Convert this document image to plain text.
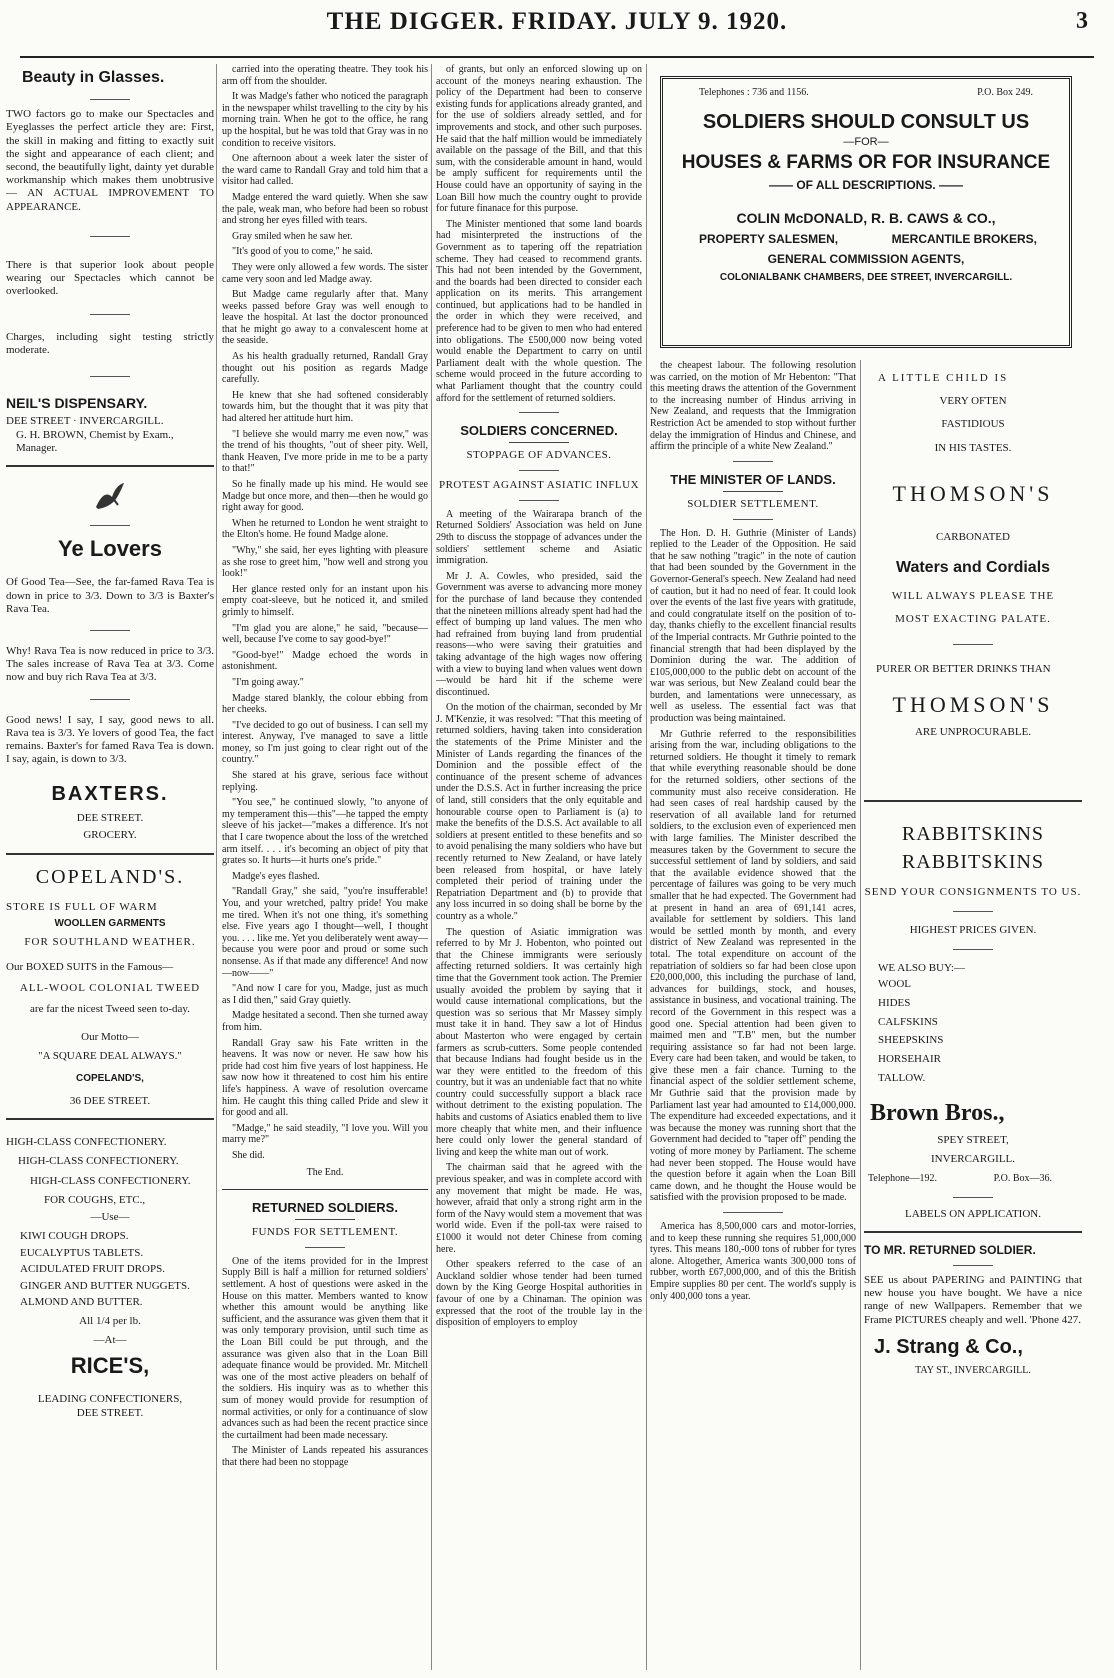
THE DIGGER. FRIDAY. JULY 9. 1920.	3
Beauty in Glasses.

TWO factors go to make our Spectacles and Eyeglasses the perfect article they are: First, the skill in making and fitting to exactly suit the sight and appearance of each client; and second, the beautifully light, dainty yet durable workmanship which makes them unobtrusive — AN ACTUAL IMPROVEMENT TO APPEARANCE.

There is that superior look about people wearing our Spectacles which cannot be overlooked.

Charges, including sight testing strictly moderate.

NEIL'S DISPENSARY.
DEE STREET · INVERCARGILL.
G. H. BROWN, Chemist by Exam., Manager.
Ye Lovers

Of Good Tea—See, the far-famed Rava Tea is down in price to 3/3. Down to 3/3 is Baxter's Rava Tea.

Why! Rava Tea is now reduced in price to 3/3. The sales increase of Rava Tea at 3/3. Come now and buy rich Rava Tea at 3/3.

Good news! I say, I say, good news to all. Rava tea is 3/3. Ye lovers of good Tea, the fact remains. Baxter's for famed Rava Tea is down. I say, again, is down to 3/3.

BAXTERS.
DEE STREET.
GROCERY.
COPELAND'S.
STORE IS FULL OF WARM
WOOLLEN GARMENTS
FOR SOUTHLAND WEATHER.
Our BOXED SUITS in the Famous—
ALL-WOOL COLONIAL TWEED
are far the nicest Tweed seen to-day.
Our Motto—
"A SQUARE DEAL ALWAYS."
COPELAND'S,
36 DEE STREET.
HIGH-CLASS CONFECTIONERY.
HIGH-CLASS CONFECTIONERY.
HIGH-CLASS CONFECTIONERY.
FOR COUGHS, ETC.,
—Use—
KIWI COUGH DROPS.
EUCALYPTUS TABLETS.
ACIDULATED FRUIT DROPS.
GINGER AND BUTTER NUGGETS.
ALMOND AND BUTTER.
All 1/4 per lb.
—At—
RICE'S,
LEADING CONFECTIONERS,
DEE STREET.

carried into the operating theatre. They took his arm off from the shoulder.

It was Madge's father who noticed the paragraph in the newspaper whilst travelling to the city by his morning train. When he got to the office, he rang up the hospital, but he was told that Gray was in no condition to receive visitors.

One afternoon about a week later the sister of the ward came to Randall Gray and told him that a visitor had called.

Madge entered the ward quietly. When she saw the pale, weak man, who before had been so robust and strong her eyes filled with tears.

Gray smiled when he saw her.

"It's good of you to come," he said.

They were only allowed a few words. The sister came very soon and led Madge away.

But Madge came regularly after that. Many weeks passed before Gray was well enough to leave the hospital. At last the doctor pronounced that he might go away to a convalescent home at the seaside.

As his health gradually returned, Randall Gray thought out his position as regards Madge carefully.

He knew that she had softened considerably towards him, but the thought that it was pity that had altered her attitude hurt him.

"I believe she would marry me even now," was the trend of his thoughts, "out of sheer pity. Well, thank Heaven, I've more pride in me to be a party to that!"

So he finally made up his mind. He would see Madge but once more, and then—then he would go right away for good.

When he returned to London he went straight to the Elton's home. He found Madge alone.

"Why," she said, her eyes lighting with pleasure as she rose to greet him, "how well and strong you look!"

Her glance rested only for an instant upon his empty coat-sleeve, but he noticed it, and smiled grimly to himself.

"I'm glad you are alone," he said, "because—well, because I've come to say good-bye!"

"Good-bye!" Madge echoed the words in astonishment.

"I'm going away."

Madge stared blankly, the colour ebbing from her cheeks.

"I've decided to go out of business. I can sell my interest. Anyway, I've managed to save a little money, so I'm just going to clear right out of the country."

She stared at his grave, serious face without replying.

"You see," he continued slowly, "to anyone of my temperament this—this"—he tapped the empty sleeve of his jacket—"makes a difference. It's not that I care twopence about the loss of the wretched arm itself. . . . it's becoming an object of pity that grates so. It hurts—it hurts one's pride."

Madge's eyes flashed.

"Randall Gray," she said, "you're insufferable! You, and your wretched, paltry pride! You make me tired. When it's not one thing, it's something else. Five years ago I thought—well, I thought you. . . . like me. Yet you deliberately went away—because you were poor and proud or some such nonsense. As if that made any difference! And now—now——"

"And now I care for you, Madge, just as much as I did then," said Gray quietly.

Madge hesitated a second. Then she turned away from him.

Randall Gray saw his Fate written in the heavens. It was now or never. He saw how his pride had cost him five years of lost happiness. He saw now how it threatened to cost him his entire life's happiness. A wave of resolution overcame him. He caught this thing called Pride and slew it for good and all.

"Madge," he said steadily, "I love you. Will you marry me?"

She did.

The End.
RETURNED SOLDIERS.
FUNDS FOR SETTLEMENT.

One of the items provided for in the Imprest Supply Bill is half a million for returned soldiers' settlement. A host of questions were asked in the House on this matter. Members wanted to know whether this amount would be anything like sufficient, and the assurance was given them that it was only temporary provision, until such time as the Loan Bill could be put through, and the assurance was given also that in the Loan Bill adequate finance would be provided. Mr. Mitchell was one of the most active pleaders on behalf of the soldiers. His inquiry was as to whether this sum of money would provide for resumption of normal activities, or only for a continuance of slow advances such as had been the recent practice since the curtailment had been made necessary.

The Minister of Lands repeated his assurances that there had been no stoppage

of grants, but only an enforced slowing up on account of the moneys nearing exhaustion. The policy of the Department had been to conserve existing funds for applications already granted, and for the use of soldiers already settled, and for improvements and stock, and other such purposes. He said that the half million would be immediately available on the passage of the Bill, and that this sum, with the considerable amount in hand, would be amply sufficent for requirements until the House could have an opportunity of saying in the Loan Bill how much the country ought to provide for future finanace for this purpose.

The Minister mentioned that some land boards had misinterpreted the instructions of the Government as to tapering off the repatriation scheme. They had ceased to recommend grants. This had not been intended by the Government, and the boards had been directed to consider each application on its merits. This arrangement continued, but applications had to be handled in the order in which they were received, and preference had to be given to men who had entered into obligations. The £500,000 now being voted would enable the Department to carry on until Parliament dealt with the whole question. The scheme would proceed in the future according to what Parliament thought that the country could afford for the settlement of returned soldiers.

SOLDIERS CONCERNED.
STOPPAGE OF ADVANCES.
PROTEST AGAINST ASIATIC INFLUX

A meeting of the Wairarapa branch of the Returned Soldiers' Association was held on June 29th to discuss the stoppage of advances under the soldiers' settlement scheme and Asiatic immigration.

Mr J. A. Cowles, who presided, said the Government was averse to advancing more money for the purchase of land because they contended that the nineteen millions already spent had had the effect of bumping up land values. The men who had refrained from buying land from prudential reasons—who were saving their gratuities and taking advantage of the high wages now offering with a view to buying land when values went down—would be hard hit if the scheme were discontinued.

On the motion of the chairman, seconded by Mr J. M'Kenzie, it was resolved: "That this meeting of returned soldiers, having taken into consideration the statements of the Prime Minister and the Minister of Lands regarding the finances of the Dominion and the possible effect of the continuance of the present scheme of advances under the D.S.S. Act in further increasing the price of land, still considers that the only equitable and honourable course open to Parliament is (a) to make the benefits of the D.S.S. Act available to all soldiers at present entitled to these benefits and so to avoid penalising the many soldiers who have but recently returned to New Zealand, or have lately been released from hospital, or have lately completed their period of training under the Repatriation Department and (b) to provide that any loss incurred in so doing shall be borne by the country as a whole."

The question of Asiatic immigration was referred to by Mr J. Hobenton, who pointed out that the Chinese immigrants were seriously affecting returned soldiers. It was certainly high time that the Government took action. The Premier usually avoided the problem by saying that it would cause international complications, but the question was so serious that Mr Massey simply must take it in hand. They saw a lot of Hindus about Masterton who were engaged by certain farmers as scrub-cutters. Some people contended that because Indians had fought beside us in the war they were entitled to the freedom of this country, but it was an undeniable fact that no white country could successfully support a black race without detriment to the existing population. The habits and customs of Asiatics enabled them to live more cheaply that white men, and their influence here could only lower the general standard of living and keep the white man out of work.

The chairman said that he agreed with the previous speaker, and was in complete accord with any movement that might be made. He was, however, afraid that only a strong right arm in the form of the Navy would stem a movement that was world wide. Even if the poll-tax were raised to £1000 it would not deter Chinese from coming here.

Other speakers referred to the case of an Auckland soldier whose tender had been turned down by the King George Hospital authorities in favour of one by a Chinaman. The opinion was expressed that the root of the trouble lay in the disposition of employers to employ

Telephones : 736 and 1156.	P.O. Box 249.
SOLDIERS SHOULD CONSULT US
—FOR—
HOUSES & FARMS OR FOR INSURANCE
—— OF ALL DESCRIPTIONS. ——
COLIN McDONALD, R. B. CAWS & CO.,
PROPERTY SALESMEN,	MERCANTILE BROKERS,
GENERAL COMMISSION AGENTS,
COLONIALBANK CHAMBERS, DEE STREET, INVERCARGILL.

the cheapest labour. The following resolution was carried, on the motion of Mr Hebenton: "That this meeting draws the attention of the Government to the increasing number of Hindus arriving in New Zealand, and requests that the Immigration Restriction Act be amended to stop without further delay the immigration of Hindus and Chinese, and affirm the principle of a white New Zealand."

THE MINISTER OF LANDS.
SOLDIER SETTLEMENT.

The Hon. D. H. Guthrie (Minister of Lands) replied to the Leader of the Opposition. He said that he saw nothing "tragic" in the note of caution that had been sounded by the Government in the Governor-General's speech. New Zealand had need of caution, but it had no need of fear. It could look over the events of the last five years with gratitude, and could congratulate itself on the position of to-day, thanks chiefly to the excellent financial results of the Imperial contracts. Mr Guthrie pointed to the financial strength that had been displayed by the Dominion during the war. The addition of £105,000,000 to the public debt on account of the war was serious, but New Zealand could bear the burden, and lamentations were unnecessary, as well as useless. The essential fact was that production was being maintained.

Mr Guthrie referred to the responsibilities arising from the war, including obligations to the returned soldiers. He thought it timely to remark that while everything reasonable should be done for the returned soldiers, other sections of the community must also receive consideration. He had seen cases of real hardship caused by the reservation of all available land for returned soldiers, to the exclusion even of experienced men with large families. The Minister described the measures taken by the Government to secure the successful settlement of land by soldiers, and said that the available evidence showed that the percentage of failures was going to be very much smaller that he had expected. The Government had at present in hand an area of 691,141 acres, available for settlement by soldiers. This land would be settled month by month, and every district of New Zealand was represented in the total. The total expenditure on account of the repatriation of soldiers so far had been close upon £20,000,000, this including the purchase of land, advances for buildings, stock, and houses, assistance in business, and vocational training. The record of the Government in this respect was a good one. Special attention had been given to maimed men and "T.B" men, but the number requiring assistance so far had not been large. Every care had been taken, and would be taken, to give these men a fair chance. Turning to the financial aspect of the soldier settlement scheme, Mr Guthrie said that the provision made by Parliament last year had amounted to £14,000,000. The expenditure had exceeded expectations, and it was because the money was running short that the Government had decided to "taper off" pending the voting of more money by Parliament. The scheme had never been stopped. The House would have the question before it again when the Loan Bill came down, and he thought the House would be satisfied with the provision proposed to be made.

America has 8,500,000 cars and motor-lorries, and to keep these running she requires 51,000,000 tyres. This means 180,-000 tons of rubber for tyres alone. Altogether, America wants 300,000 tons of rubber, worth £67,000,000, and of this the British Empire supplies 80 per cent. The world's supply is only 400,000 tons a year.

A LITTLE CHILD IS
VERY OFTEN
FASTIDIOUS
IN HIS TASTES.
THOMSON'S
CARBONATED
Waters and Cordials
WILL ALWAYS PLEASE THE
MOST EXACTING PALATE.
PURER OR BETTER DRINKS THAN
THOMSON'S
ARE UNPROCURABLE.
RABBITSKINS
RABBITSKINS
SEND YOUR CONSIGNMENTS TO US.
HIGHEST PRICES GIVEN.
WE ALSO BUY:—
WOOL
HIDES
CALFSKINS
SHEEPSKINS
HORSEHAIR
TALLOW.
Brown Bros.,
SPEY STREET,
INVERCARGILL.
Telephone—192.	P.O. Box—36.
LABELS ON APPLICATION.
TO MR. RETURNED SOLDIER.

SEE us about PAPERING and PAINTING that new house you have bought. We have a nice range of new Wallpapers. Remember that we Frame PICTURES cheaply and well. 'Phone 427.

J. Strang & Co.,
TAY ST., INVERCARGILL.
